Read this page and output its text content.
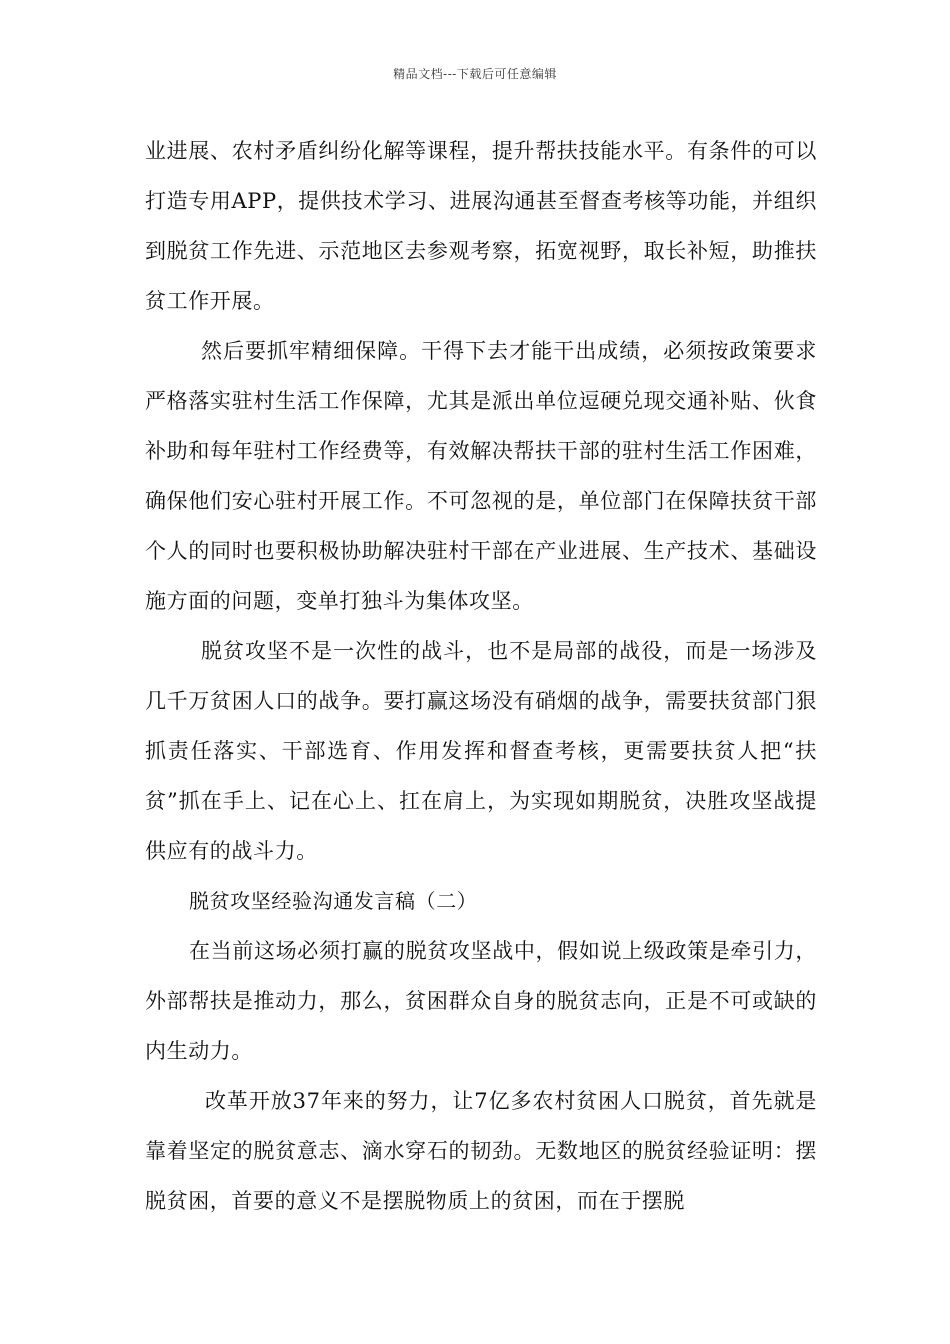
精品文档---下载后可任意编辑

业进展、农村矛盾纠纷化解等课程，提升帮扶技能水平。有条件的可以打造专用APP，提供技术学习、进展沟通甚至督查考核等功能，并组织到脱贫工作先进、示范地区去参观考察，拓宽视野，取长补短，助推扶贫工作开展。

然后要抓牢精细保障。干得下去才能干出成绩，必须按政策要求严格落实驻村生活工作保障，尤其是派出单位逗硬兑现交通补贴、伙食补助和每年驻村工作经费等，有效解决帮扶干部的驻村生活工作困难，确保他们安心驻村开展工作。不可忽视的是，单位部门在保障扶贫干部个人的同时也要积极协助解决驻村干部在产业进展、生产技术、基础设施方面的问题，变单打独斗为集体攻坚。

脱贫攻坚不是一次性的战斗，也不是局部的战役，而是一场涉及几千万贫困人口的战争。要打赢这场没有硝烟的战争，需要扶贫部门狠抓责任落实、干部选育、作用发挥和督查考核，更需要扶贫人把“扶贫”抓在手上、记在心上、扛在肩上，为实现如期脱贫，决胜攻坚战提供应有的战斗力。

脱贫攻坚经验沟通发言稿（二）

在当前这场必须打赢的脱贫攻坚战中，假如说上级政策是牵引力，外部帮扶是推动力，那么，贫困群众自身的脱贫志向，正是不可或缺的内生动力。

改革开放37年来的努力，让7亿多农村贫困人口脱贫，首先就是靠着坚定的脱贫意志、滴水穿石的韧劲。无数地区的脱贫经验证明：摆脱贫困，首要的意义不是摆脱物质上的贫困，而在于摆脱
